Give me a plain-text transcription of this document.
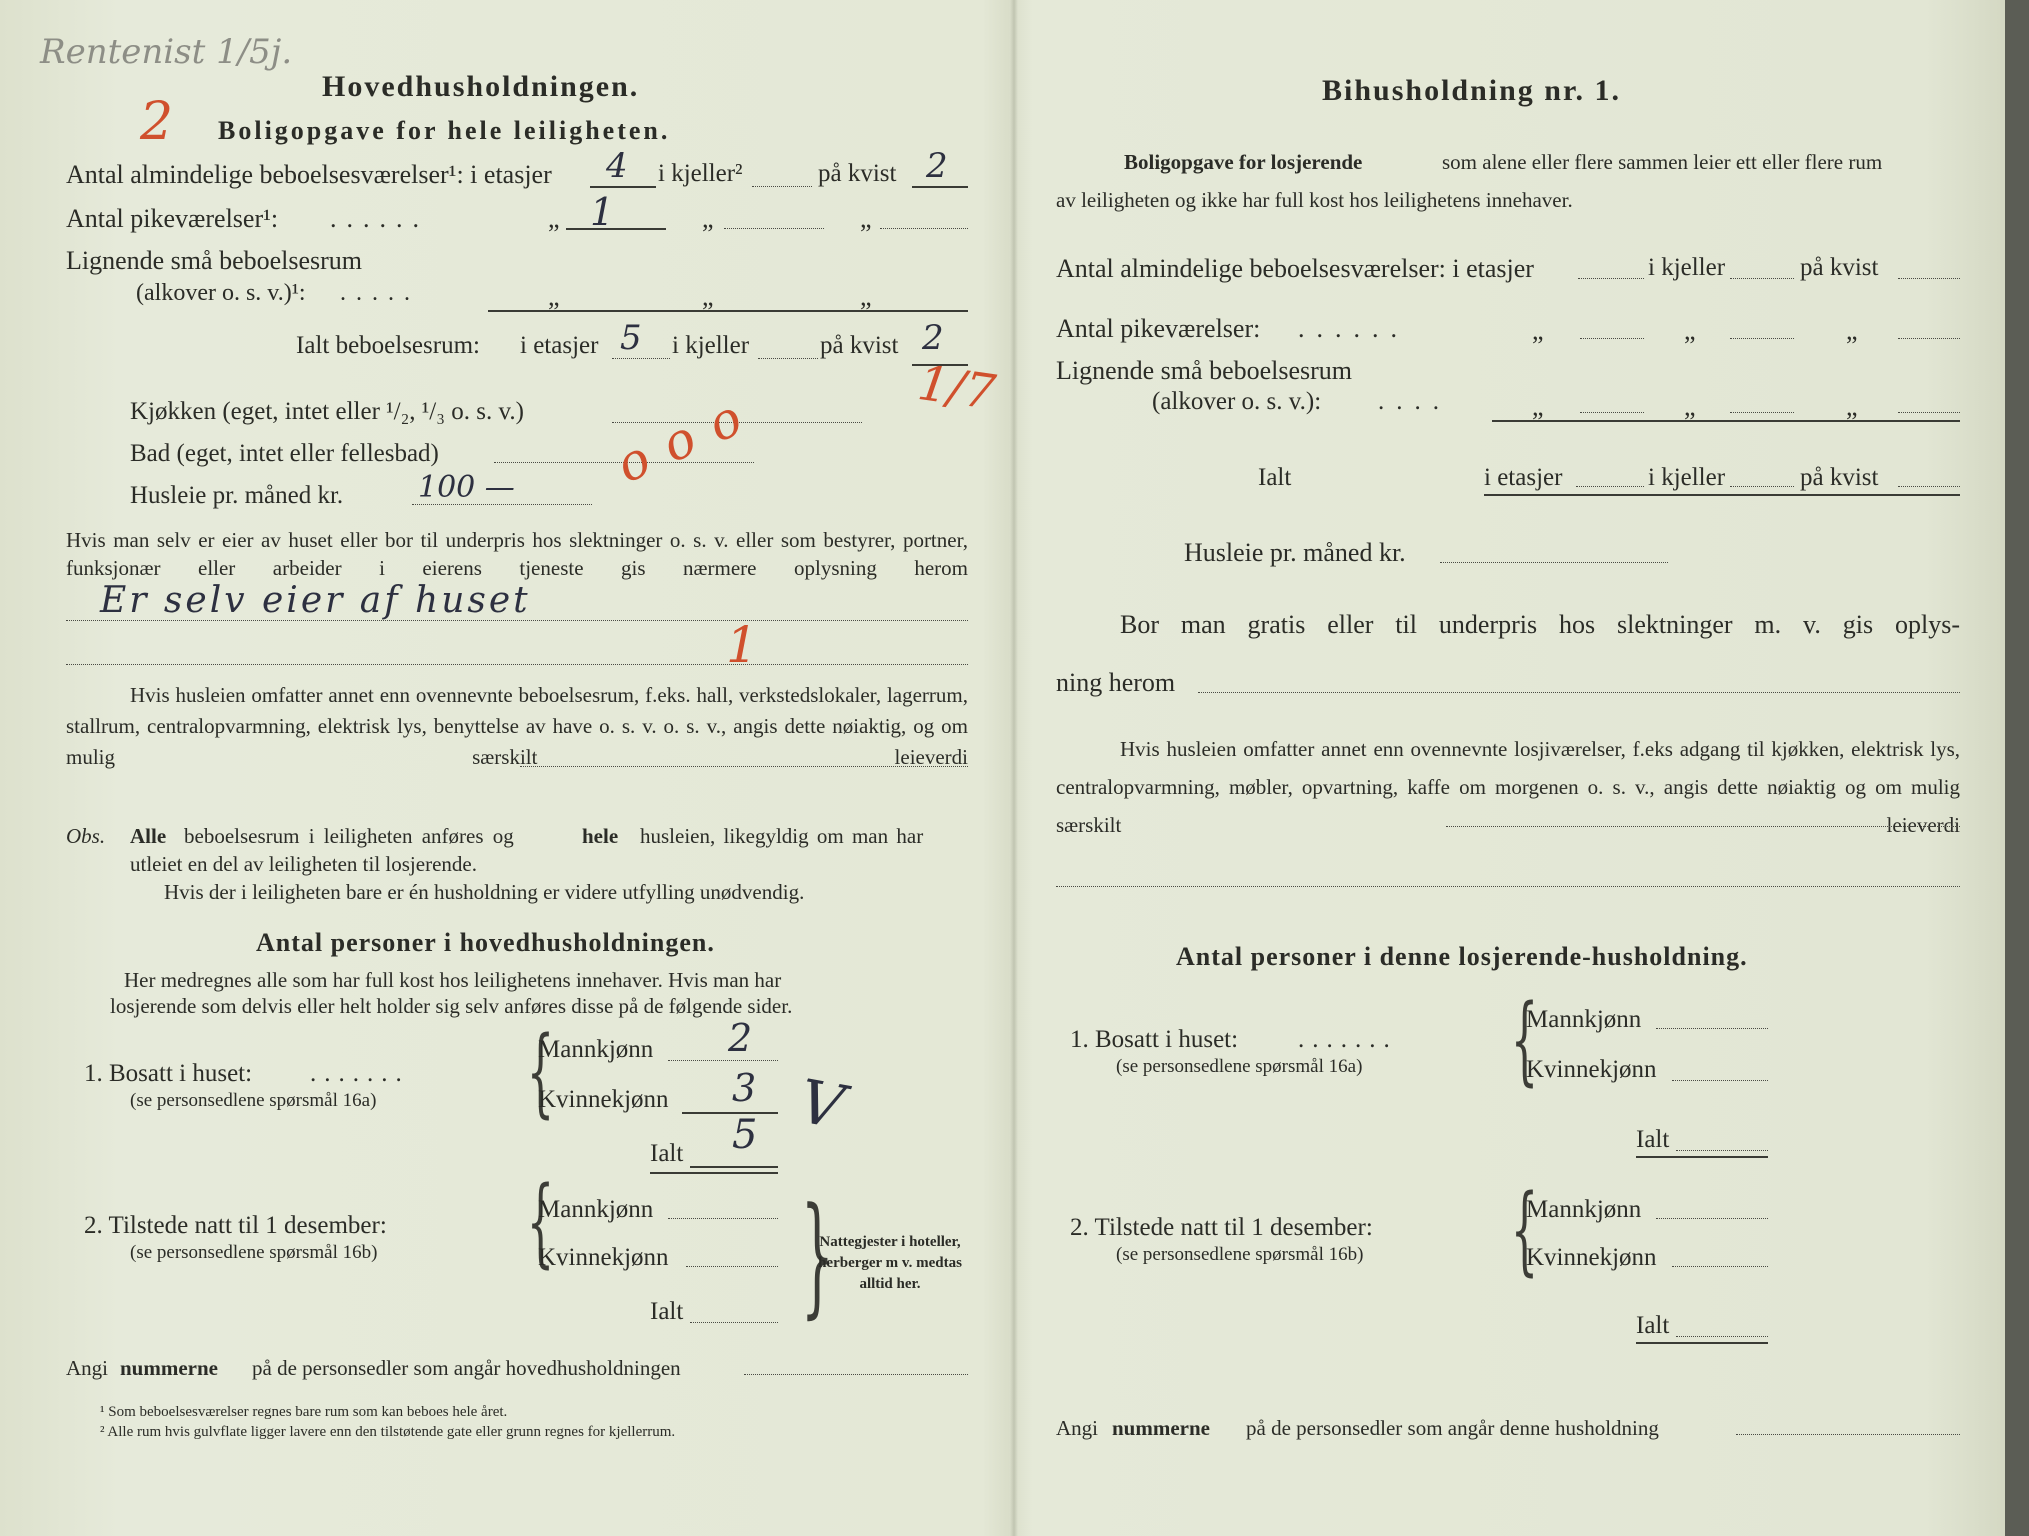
Rentenist 1/5j.
2
Hovedhusholdningen.
Boligopgave for hele leiligheten.
Antal almindelige beboelsesværelser¹: i etasjer 4 i kjeller²	på kvist 2
Antal pikeværelser¹: ......	„ 1	„	„
Lignende små beboelsesrum
(alkover o. s. v.)¹: .....	„	„	„
Ialt beboelsesrum: i etasjer 5 i kjeller	på kvist 2
1/7
Kjøkken (eget, intet eller ¹/₂, ¹/₃ o. s. v.)
Bad (eget, intet eller fellesbad)
Husleie pr. måned kr. 100 — o o o
Hvis man selv er eier av huset eller bor til underpris hos slektninger o. s. v. eller som bestyrer, portner, funksjonær eller arbeider i eierens tjeneste gis nærmere oplysning herom
Er selv eier af huset
1
Hvis husleien omfatter annet enn ovennevnte beboelsesrum, f.eks. hall, verkstedslokaler, lagerrum, stallrum, centralopvarmning, elektrisk lys, benyttelse av have o. s. v. o. s. v., angis dette nøiaktig, og om mulig særskilt leieverdi
Obs. Alle beboelsesrum i leiligheten anføres og	hele husleien, likegyldig om man har
utleiet en del av leiligheten til losjerende.
Hvis der i leiligheten bare er én husholdning er videre utfylling unødvendig.
Antal personer i hovedhusholdningen.
Her medregnes alle som har full kost hos leilighetens innehaver. Hvis man har
losjerende som delvis eller helt holder sig selv anføres disse på de følgende sider.
1. Bosatt i huset: .......
(se personsedlene spørsmål 16a) {
Mannkjønn 2
Kvinnekjønn 3 V
Ialt 5
2. Tilstede natt til 1 desember:
(se personsedlene spørsmål 16b) {
Mannkjønn
Kvinnekjønn
Ialt }
Nattegjester i hoteller, herberger m v. medtas alltid her.
Angi nummerne på de personsedler som angår hovedhusholdningen
¹ Som beboelsesværelser regnes bare rum som kan beboes hele året.
² Alle rum hvis gulvflate ligger lavere enn den tilstøtende gate eller grunn regnes for kjellerrum.
Bihusholdning nr. 1.
Boligopgave for losjerende	som alene eller flere sammen leier ett eller flere rum
av leiligheten og ikke har full kost hos leilighetens innehaver.
Antal almindelige beboelsesværelser: i etasjer	i kjeller	på kvist
Antal pikeværelser: ......	„	„	„
Lignende små beboelsesrum
(alkover o. s. v.): ....	„	„	„
Ialt	i etasjer	i kjeller	på kvist
Husleie pr. måned kr.
Bor man gratis eller til underpris hos slektninger m. v. gis oplys-
ning herom
Hvis husleien omfatter annet enn ovennevnte losjiværelser, f.eks adgang til kjøkken, elektrisk lys, centralopvarmning, møbler, opvartning, kaffe om morgenen o. s. v., angis dette nøiaktig og om mulig særskilt leieverdi
Antal personer i denne losjerende-husholdning.
1. Bosatt i huset: .......
(se personsedlene spørsmål 16a) {
Mannkjønn
Kvinnekjønn
Ialt
2. Tilstede natt til 1 desember:
(se personsedlene spørsmål 16b) {
Mannkjønn
Kvinnekjønn
Ialt
Angi nummerne på de personsedler som angår denne husholdning
